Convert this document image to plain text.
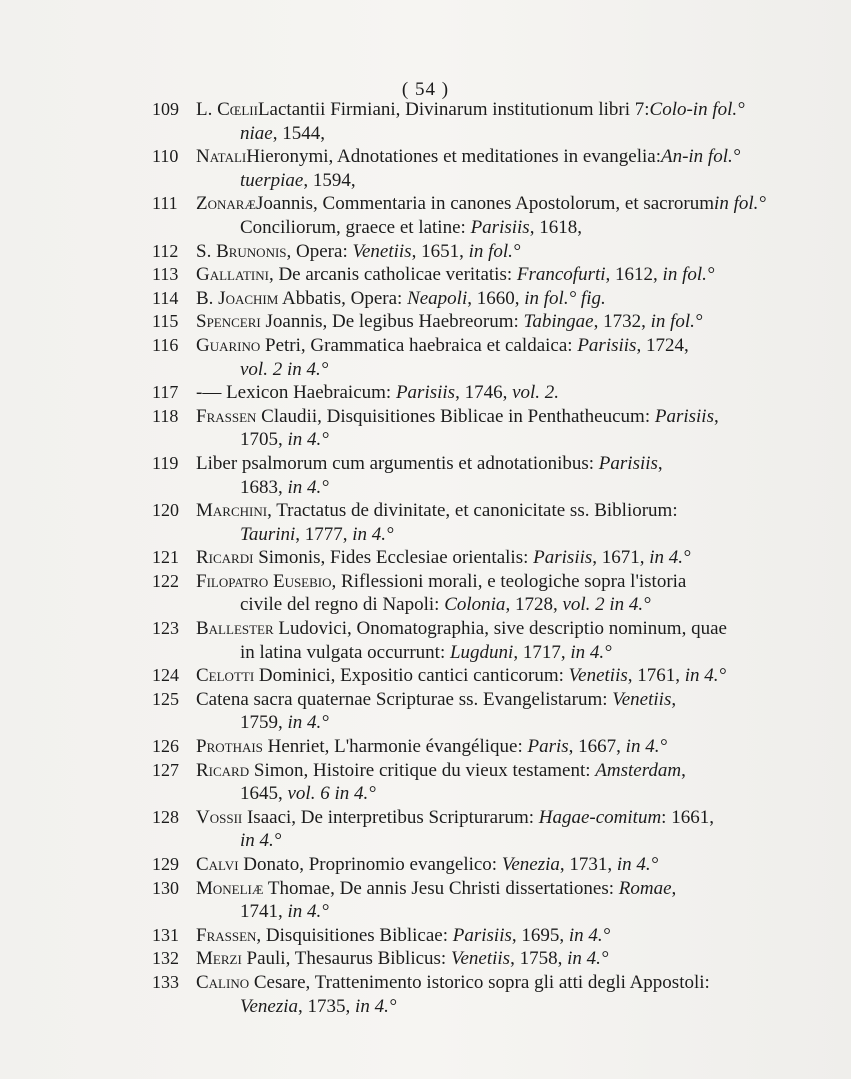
( 54 )
109 L. CœliiLactantii Firmiani, Divinarum institutionum libri 7:Colo-in fol.°
niae, 1544,
110 NataliHieronymi, Adnotationes et meditationes in evangelia:An-in fol.°
tuerpiae, 1594,
111 ZonaræJoannis, Commentaria in canones Apostolorum, et sacrorumin fol.°
Conciliorum, graece et latine: Parisiis, 1618,
112 S. Brunonis, Opera: Venetiis, 1651, in fol.°
113 Gallatini, De arcanis catholicae veritatis: Francofurti, 1612, in fol.°
114 B. Joachim Abbatis, Opera: Neapoli, 1660, in fol.° fig.
115 Spenceri Joannis, De legibus Haebreorum: Tabingae, 1732, in fol.°
116 Guarino Petri, Grammatica haebraica et caldaica: Parisiis, 1724,
vol. 2 in 4.°
117 -— Lexicon Haebraicum: Parisiis, 1746, vol. 2.
118 Frassen Claudii, Disquisitiones Biblicae in Penthatheucum: Parisiis,
1705, in 4.°
119 Liber psalmorum cum argumentis et adnotationibus: Parisiis,
1683, in 4.°
120 Marchini, Tractatus de divinitate, et canonicitate ss. Bibliorum:
Taurini, 1777, in 4.°
121 Ricardi Simonis, Fides Ecclesiae orientalis: Parisiis, 1671, in 4.°
122 Filopatro Eusebio, Riflessioni morali, e teologiche sopra l'istoria
civile del regno di Napoli: Colonia, 1728, vol. 2 in 4.°
123 Ballester Ludovici, Onomatographia, sive descriptio nominum, quae
in latina vulgata occurrunt: Lugduni, 1717, in 4.°
124 Celotti Dominici, Expositio cantici canticorum: Venetiis, 1761, in 4.°
125 Catena sacra quaternae Scripturae ss. Evangelistarum: Venetiis,
1759, in 4.°
126 Prothais Henriet, L'harmonie évangélique: Paris, 1667, in 4.°
127 Ricard Simon, Histoire critique du vieux testament: Amsterdam,
1645, vol. 6 in 4.°
128 Vossii Isaaci, De interpretibus Scripturarum: Hagae-comitum: 1661,
in 4.°
129 Calvi Donato, Proprinomio evangelico: Venezia, 1731, in 4.°
130 Moneliæ Thomae, De annis Jesu Christi dissertationes: Romae,
1741, in 4.°
131 Frassen, Disquisitiones Biblicae: Parisiis, 1695, in 4.°
132 Merzi Pauli, Thesaurus Biblicus: Venetiis, 1758, in 4.°
133 Calino Cesare, Trattenimento istorico sopra gli atti degli Appostoli:
Venezia, 1735, in 4.°
